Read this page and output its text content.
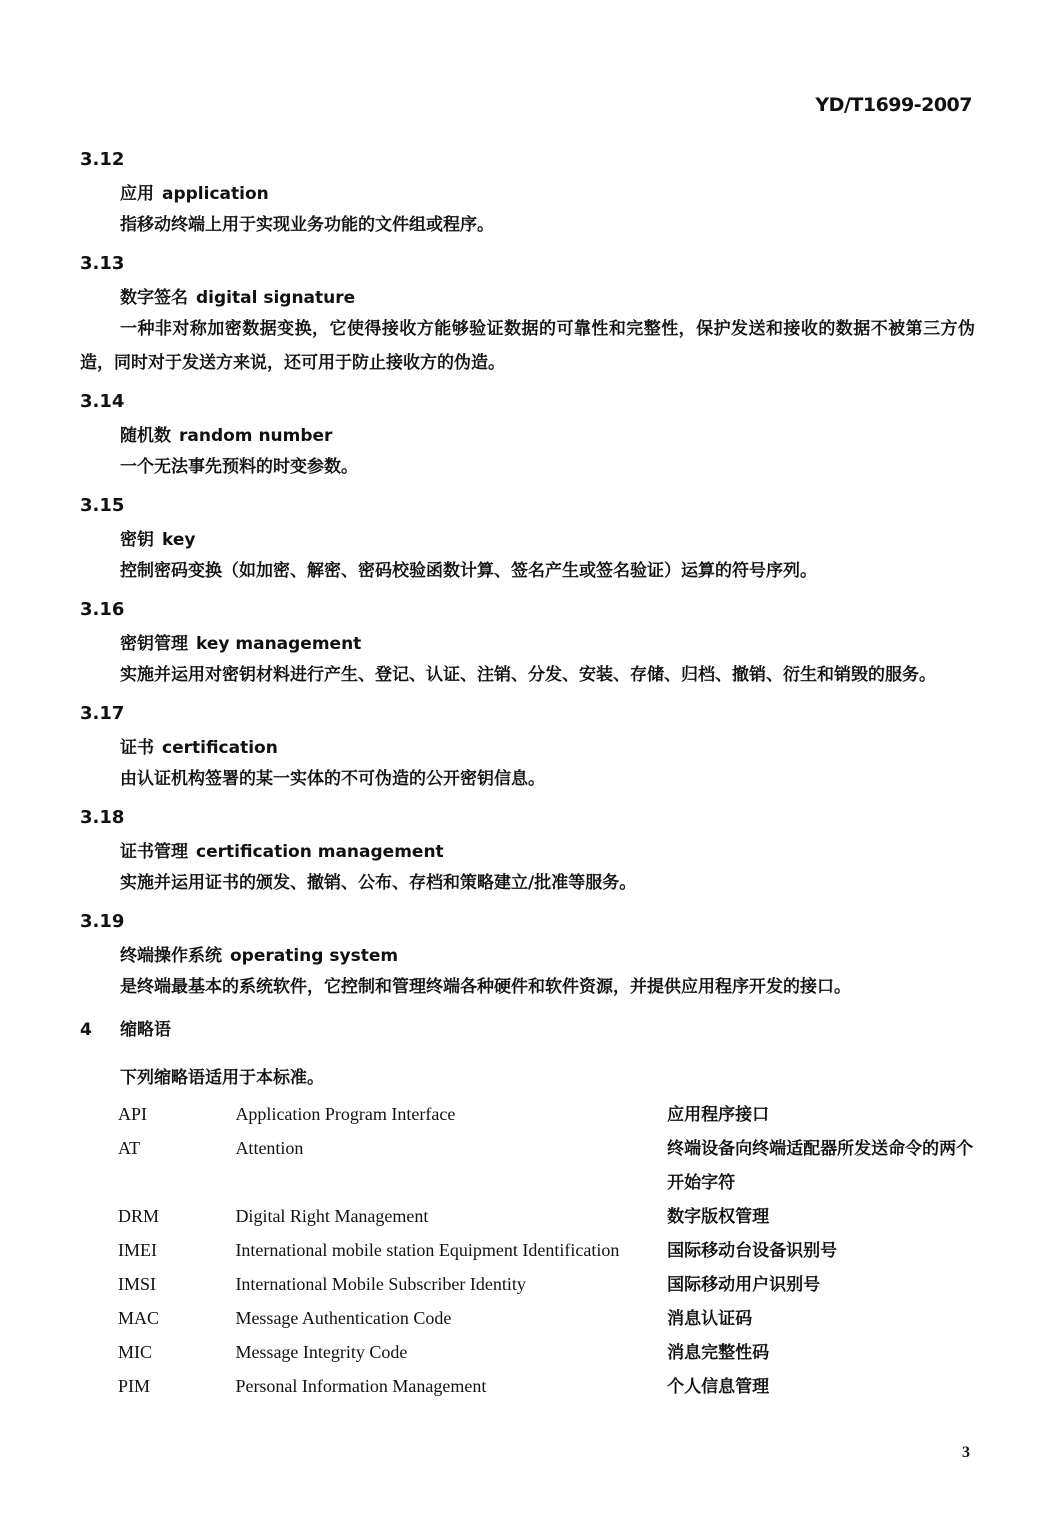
YD/T1699-2007
3.12
应用 application
指移动终端上用于实现业务功能的文件组或程序。
3.13
数字签名 digital signature
一种非对称加密数据变换，它使得接收方能够验证数据的可靠性和完整性，保护发送和接收的数据不被第三方伪造，同时对于发送方来说，还可用于防止接收方的伪造。
3.14
随机数 random number
一个无法事先预料的时变参数。
3.15
密钥 key
控制密码变换（如加密、解密、密码校验函数计算、签名产生或签名验证）运算的符号序列。
3.16
密钥管理 key management
实施并运用对密钥材料进行产生、登记、认证、注销、分发、安装、存储、归档、撤销、衍生和销毁的服务。
3.17
证书 certification
由认证机构签署的某一实体的不可伪造的公开密钥信息。
3.18
证书管理 certification management
实施并运用证书的颁发、撤销、公布、存档和策略建立/批准等服务。
3.19
终端操作系统 operating system
是终端最基本的系统软件，它控制和管理终端各种硬件和软件资源，并提供应用程序开发的接口。
4 缩略语
下列缩略语适用于本标准。
API	Application Program Interface	应用程序接口
AT	Attention	终端设备向终端适配器所发送命令的两个开始字符
DRM	Digital Right Management	数字版权管理
IMEI	International mobile station Equipment Identification	国际移动台设备识别号
IMSI	International Mobile Subscriber Identity	国际移动用户识别号
MAC	Message Authentication Code	消息认证码
MIC	Message Integrity Code	消息完整性码
PIM	Personal Information Management	个人信息管理
3
